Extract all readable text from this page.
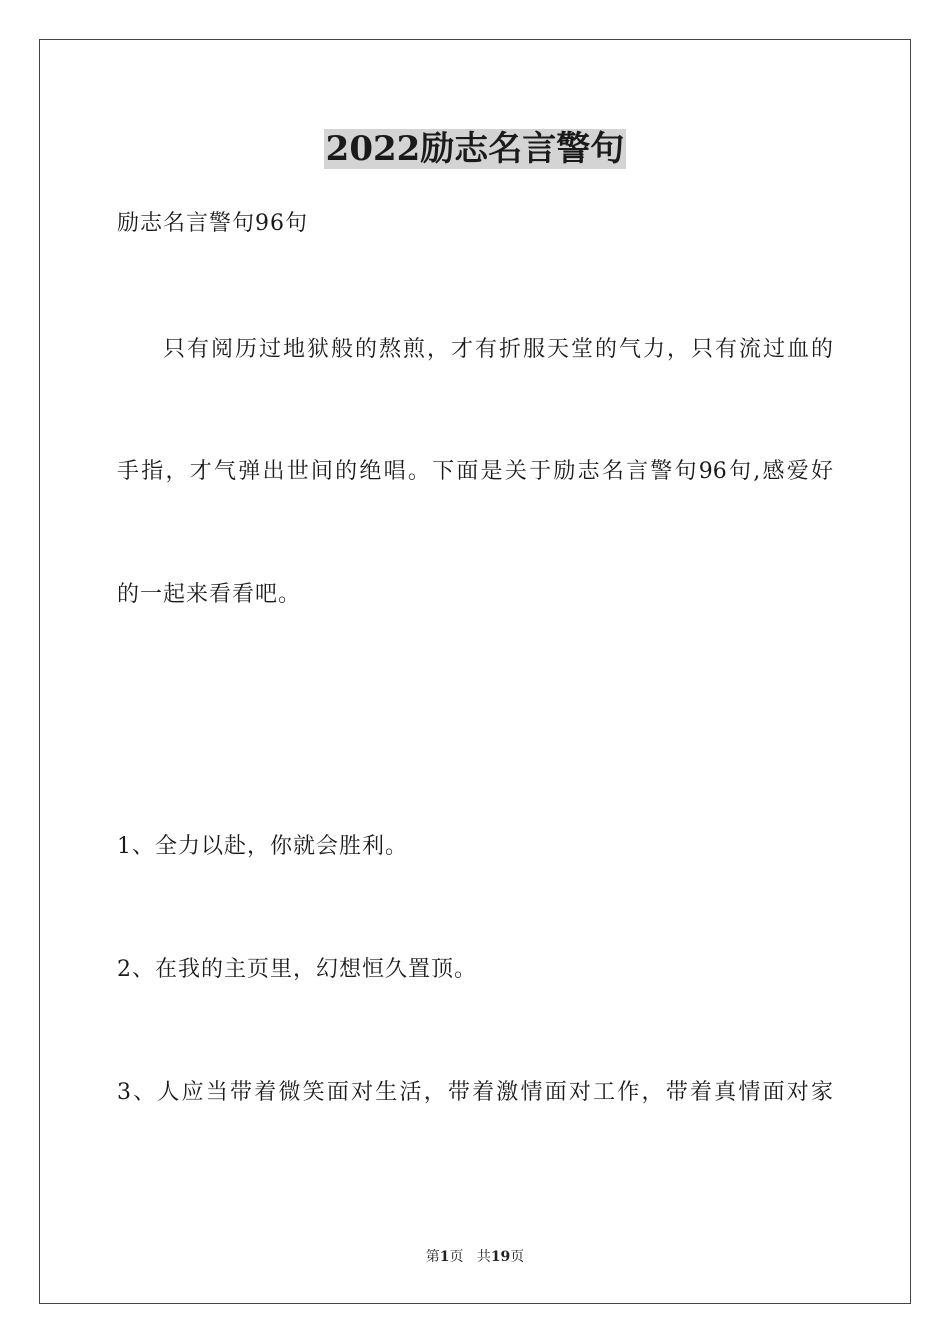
2022励志名言警句
励志名言警句96句
只有阅历过地狱般的熬煎，才有折服天堂的气力，只有流过血的
手指，才气弹出世间的绝唱。下面是关于励志名言警句96句,感爱好
的一起来看看吧。
1、全力以赴，你就会胜利。
2、在我的主页里，幻想恒久置顶。
3、人应当带着微笑面对生活，带着激情面对工作，带着真情面对家
第1页 共19页
